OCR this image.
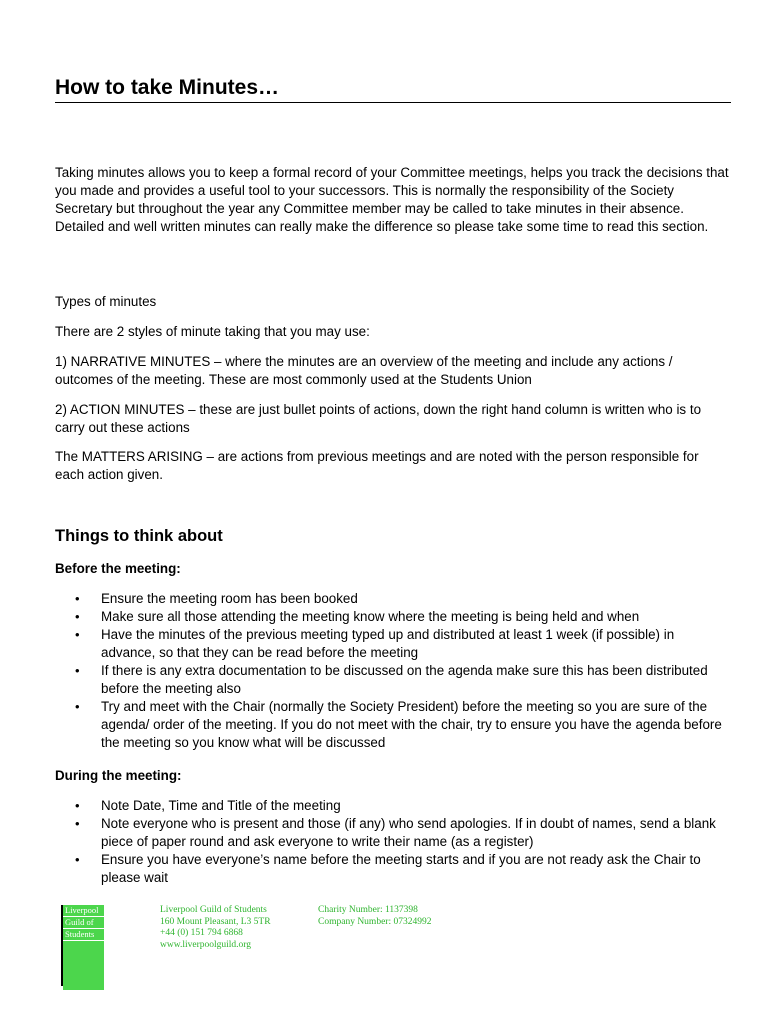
How to take Minutes…

Taking minutes allows you to keep a formal record of your Committee meetings, helps you track the decisions that you made and provides a useful tool to your successors. This is normally the responsibility of the Society Secretary but throughout the year any Committee member may be called to take minutes in their absence. Detailed and well written minutes can really make the difference so please take some time to read this section.

Types of minutes

There are 2 styles of minute taking that you may use:

1) NARRATIVE MINUTES – where the minutes are an overview of the meeting and include any actions / outcomes of the meeting. These are most commonly used at the Students Union

2) ACTION MINUTES – these are just bullet points of actions, down the right hand column is written who is to carry out these actions

The MATTERS ARISING – are actions from previous meetings and are noted with the person responsible for each action given.

Things to think about

Before the meeting:

• Ensure the meeting room has been booked
• Make sure all those attending the meeting know where the meeting is being held and when
• Have the minutes of the previous meeting typed up and distributed at least 1 week (if possible) in advance, so that they can be read before the meeting
• If there is any extra documentation to be discussed on the agenda make sure this has been distributed before the meeting also
• Try and meet with the Chair (normally the Society President) before the meeting so you are sure of the agenda/ order of the meeting. If you do not meet with the chair, try to ensure you have the agenda before the meeting so you know what will be discussed

During the meeting:

• Note Date, Time and Title of the meeting
• Note everyone who is present and those (if any) who send apologies. If in doubt of names, send a blank piece of paper round and ask everyone to write their name (as a register)
• Ensure you have everyone’s name before the meeting starts and if you are not ready ask the Chair to please wait
Liverpool
Guild of
Students
Liverpool Guild of Students
160 Mount Pleasant, L3 5TR
+44 (0) 151 794 6868
www.liverpoolguild.org
Charity Number: 1137398
Company Number: 07324992
